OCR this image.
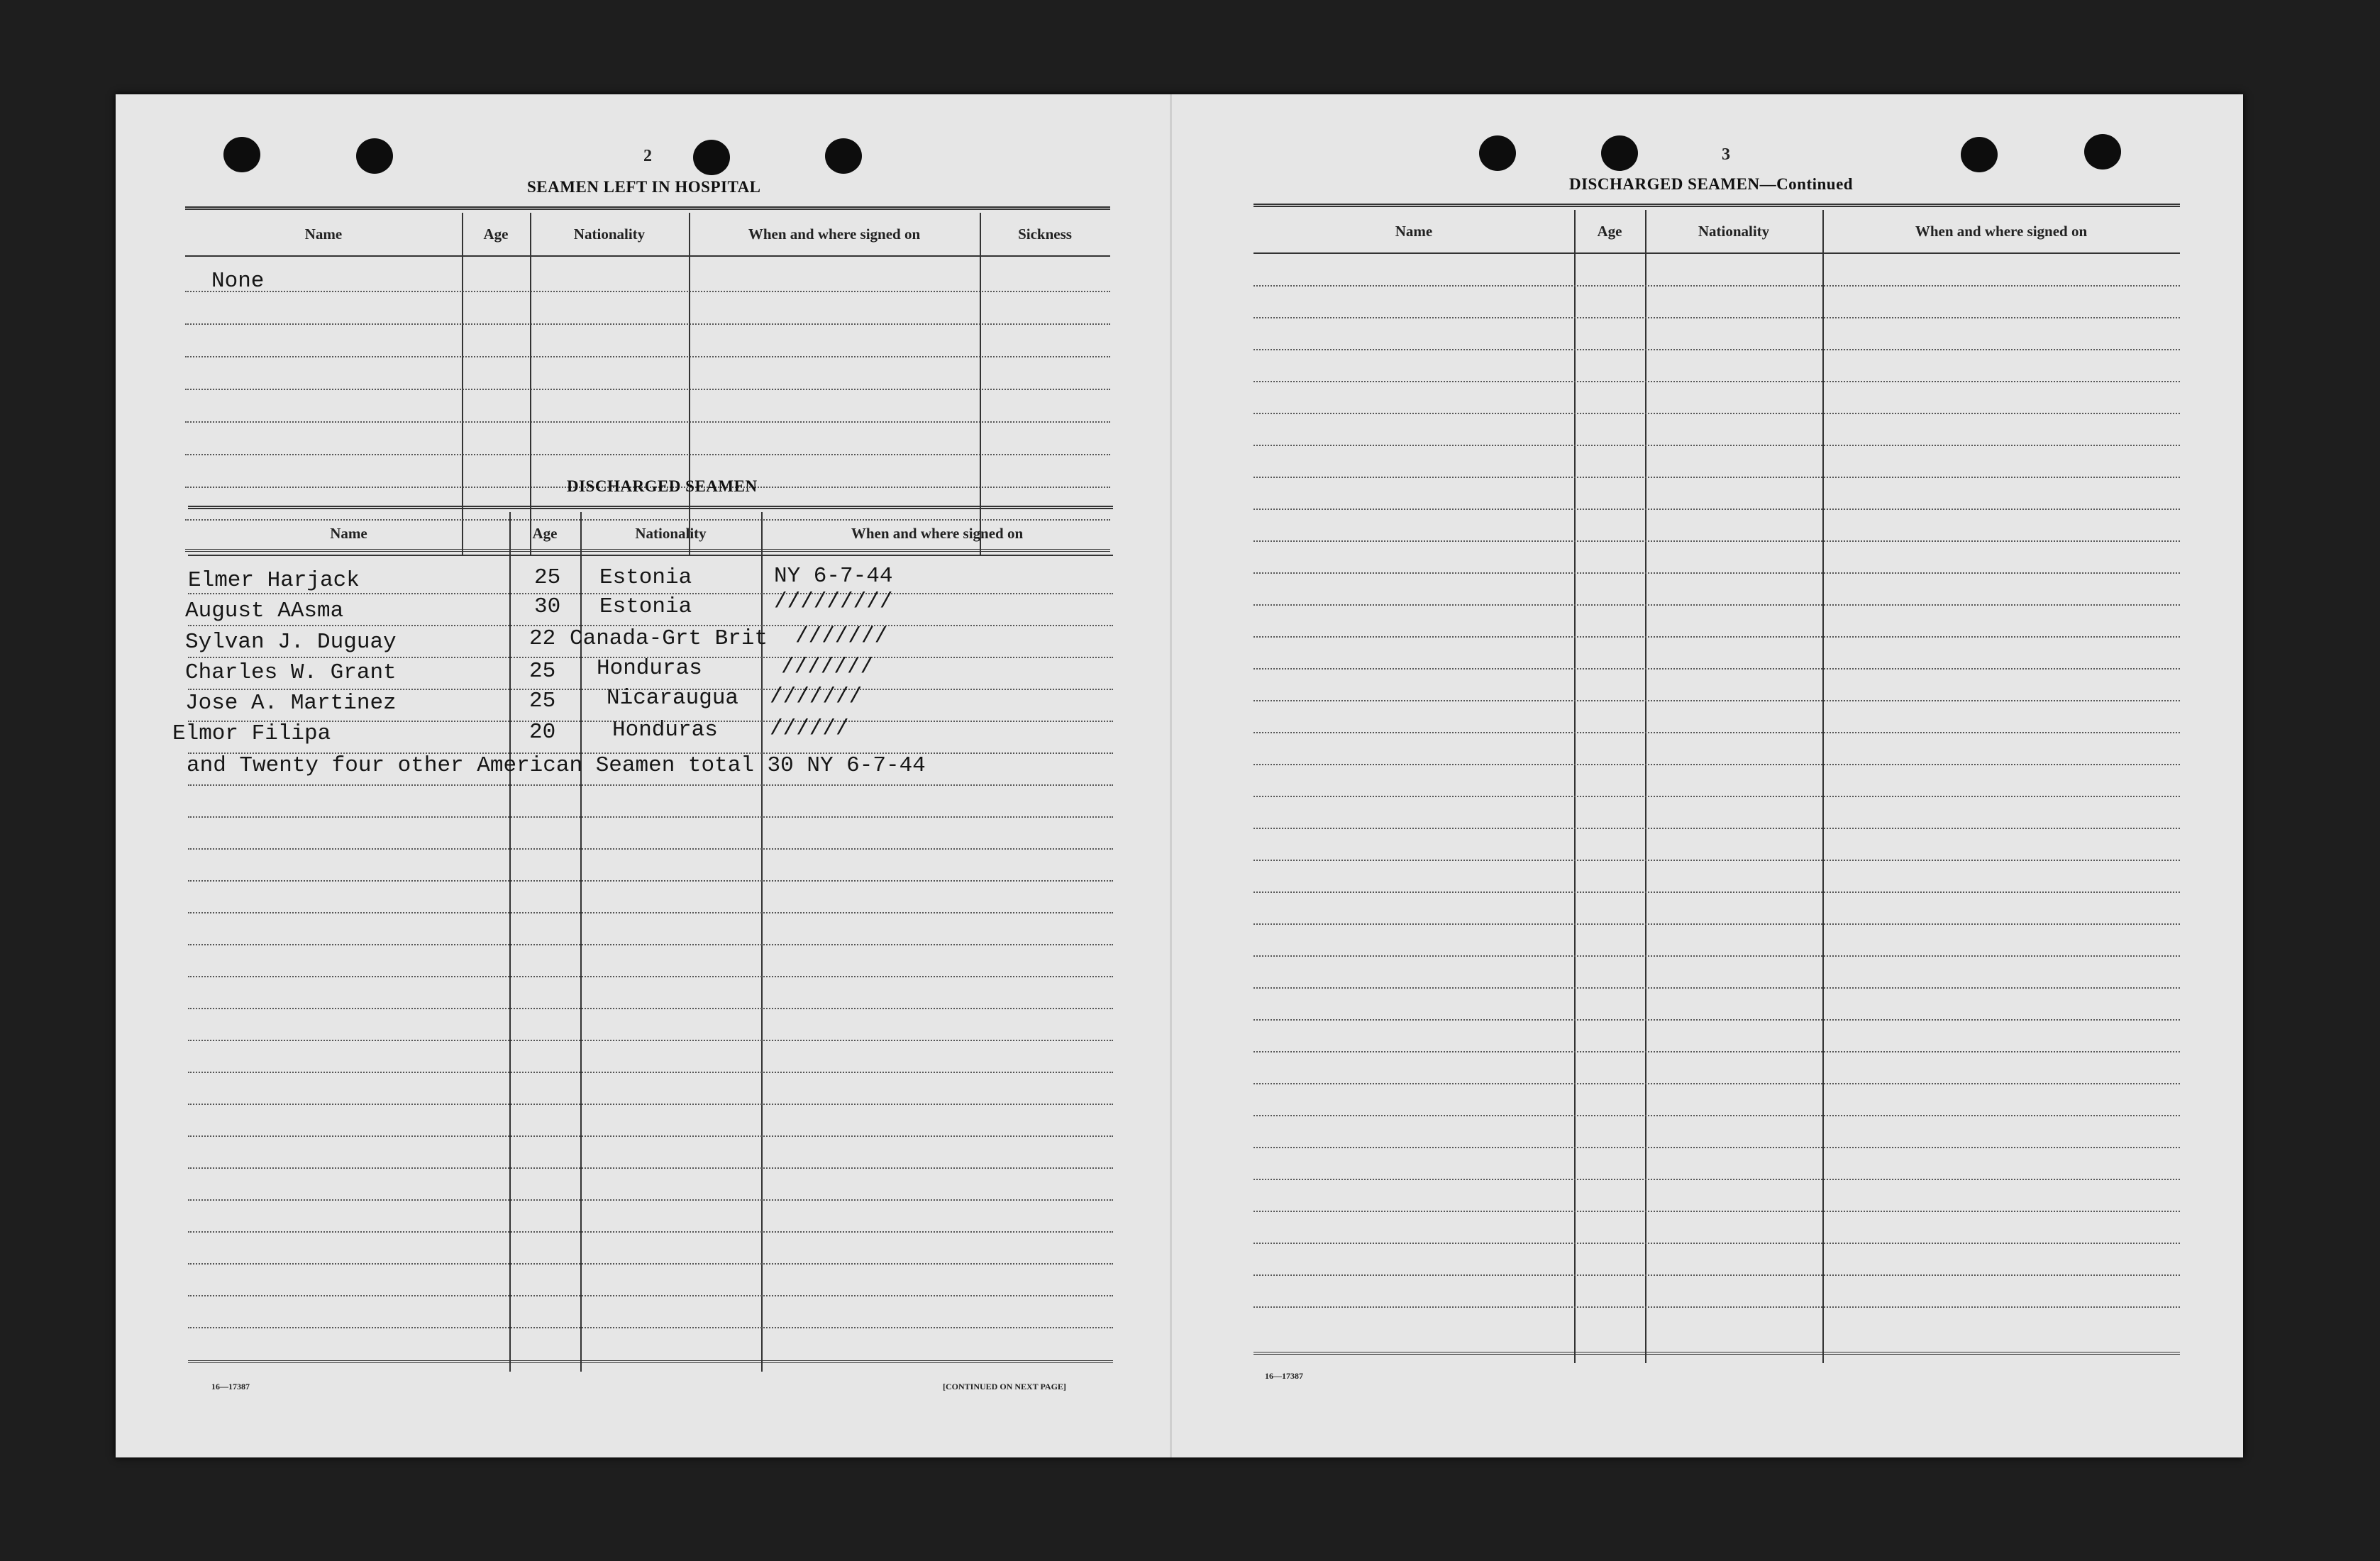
2
SEAMEN LEFT IN HOSPITAL
Name	Age	Nationality	When and where signed on	Sickness
None
DISCHARGED SEAMEN
Name	Age	Nationality	When and where signed on
Elmer Harjack	25 Estonia	NY 6-7-44
August AAsma	30 Estonia	/////////
Sylvan J. Duguay	22 Canada-Grt Brit ///////
Charles W. Grant	25 Honduras	///////
Jose A. Martinez	25 Nicaraugua ///////
Elmor Filipa	20	Honduras //////
and Twenty four other American Seamen total 30 NY 6-7-44
16—17387	[CONTINUED ON NEXT PAGE]
3
DISCHARGED SEAMEN—Continued
Name	Age	Nationality	When and where signed on
16—17387
